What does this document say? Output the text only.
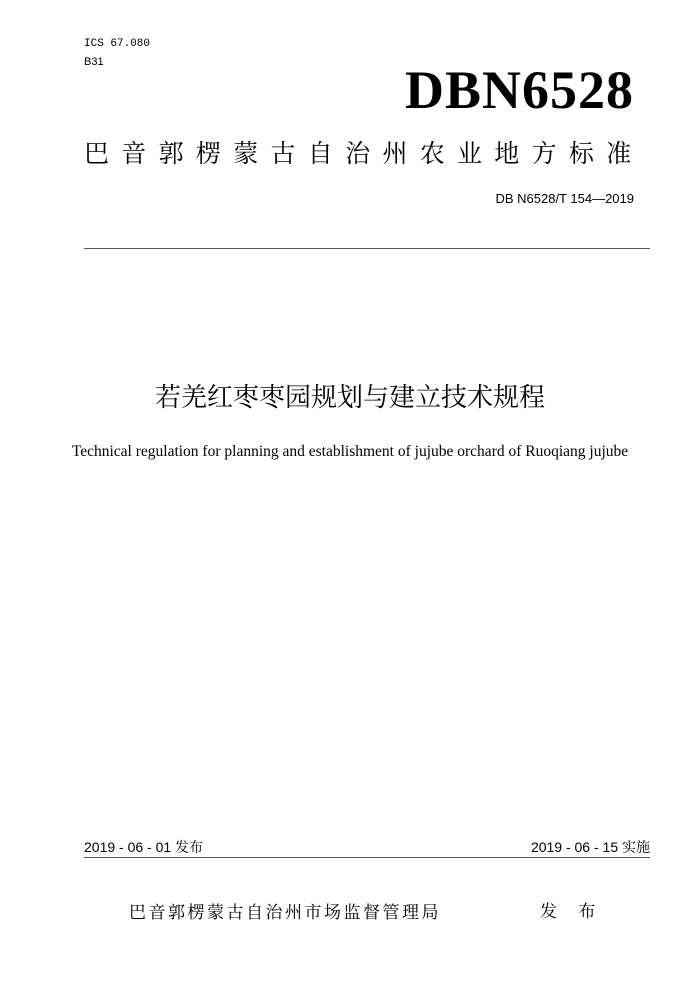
ICS 67.080
B31	DBN6528
巴音郭楞蒙古自治州农业地方标准
DB N6528/T 154—2019
若羌红枣枣园规划与建立技术规程
Technical regulation for planning and establishment of jujube orchard of Ruoqiang jujube
2019 - 06 - 01 发布	2019 - 06 - 15 实施
巴音郭楞蒙古自治州市场监督管理局	发 布
